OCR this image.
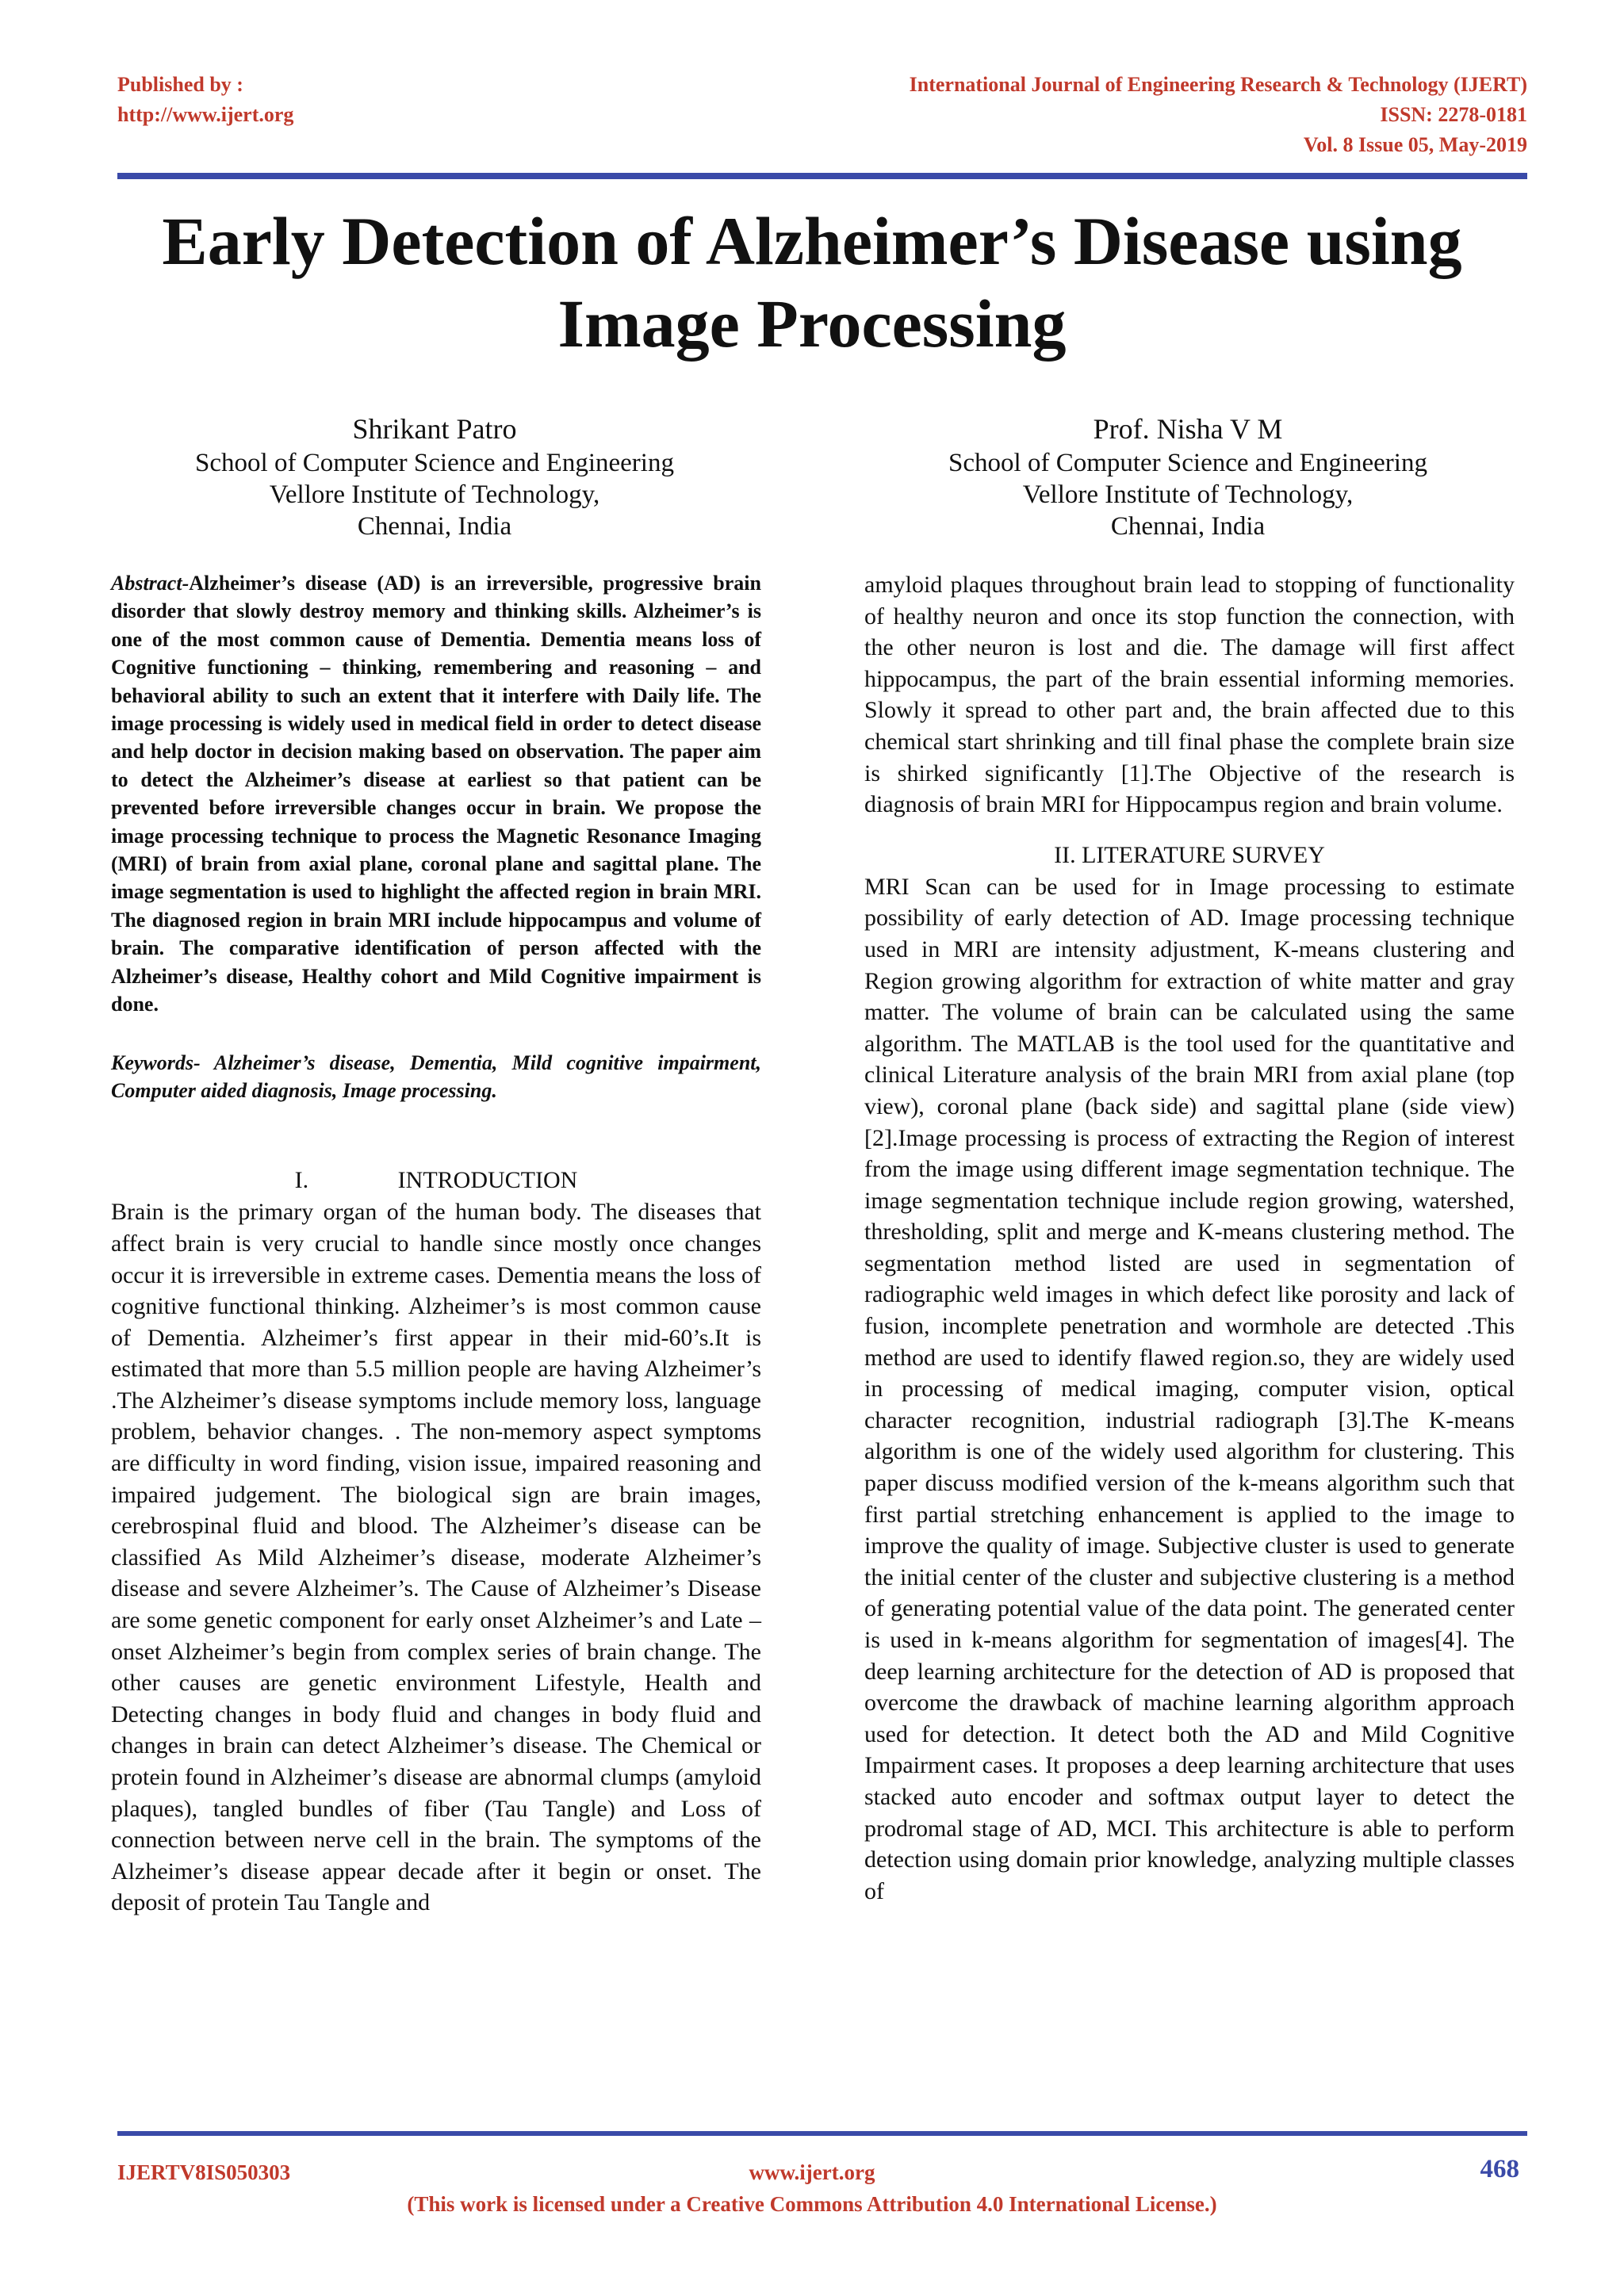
Published by :
http://www.ijert.org
International Journal of Engineering Research & Technology (IJERT)
ISSN: 2278-0181
Vol. 8 Issue 05, May-2019
Early Detection of Alzheimer’s Disease using Image Processing
Shrikant Patro
School of Computer Science and Engineering
Vellore Institute of Technology,
Chennai, India
Prof. Nisha V M
School of Computer Science and Engineering
Vellore Institute of Technology,
Chennai, India

Abstract-Alzheimer’s disease (AD) is an irreversible, progressive brain disorder that slowly destroy memory and thinking skills. Alzheimer’s is one of the most common cause of Dementia. Dementia means loss of Cognitive functioning – thinking, remembering and reasoning – and behavioral ability to such an extent that it interfere with Daily life. The image processing is widely used in medical field in order to detect disease and help doctor in decision making based on observation. The paper aim to detect the Alzheimer’s disease at earliest so that patient can be prevented before irreversible changes occur in brain. We propose the image processing technique to process the Magnetic Resonance Imaging (MRI) of brain from axial plane, coronal plane and sagittal plane. The image segmentation is used to highlight the affected region in brain MRI. The diagnosed region in brain MRI include hippocampus and volume of brain. The comparative identification of person affected with the Alzheimer’s disease, Healthy cohort and Mild Cognitive impairment is done.

Keywords- Alzheimer’s disease, Dementia, Mild cognitive impairment, Computer aided diagnosis, Image processing.

I.	INTRODUCTION

Brain is the primary organ of the human body. The diseases that affect brain is very crucial to handle since mostly once changes occur it is irreversible in extreme cases. Dementia means the loss of cognitive functional thinking. Alzheimer’s is most common cause of Dementia. Alzheimer’s first appear in their mid-60’s.It is estimated that more than 5.5 million people are having Alzheimer’s .The Alzheimer’s disease symptoms include memory loss, language problem, behavior changes. . The non-memory aspect symptoms are difficulty in word finding, vision issue, impaired reasoning and impaired judgement. The biological sign are brain images, cerebrospinal fluid and blood. The Alzheimer’s disease can be classified As Mild Alzheimer’s disease, moderate Alzheimer’s disease and severe Alzheimer’s. The Cause of Alzheimer’s Disease are some genetic component for early onset Alzheimer’s and Late – onset Alzheimer’s begin from complex series of brain change. The other causes are genetic environment Lifestyle, Health and Detecting changes in body fluid and changes in body fluid and changes in brain can detect Alzheimer’s disease. The Chemical or protein found in Alzheimer’s disease are abnormal clumps (amyloid plaques), tangled bundles of fiber (Tau Tangle) and Loss of connection between nerve cell in the brain. The symptoms of the Alzheimer’s disease appear decade after it begin or onset. The deposit of protein Tau Tangle and

amyloid plaques throughout brain lead to stopping of functionality of healthy neuron and once its stop function the connection, with the other neuron is lost and die. The damage will first affect hippocampus, the part of the brain essential informing memories. Slowly it spread to other part and, the brain affected due to this chemical start shrinking and till final phase the complete brain size is shirked significantly [1].The Objective of the research is diagnosis of brain MRI for Hippocampus region and brain volume.

II. LITERATURE SURVEY

MRI Scan can be used for in Image processing to estimate possibility of early detection of AD. Image processing technique used in MRI are intensity adjustment, K-means clustering and Region growing algorithm for extraction of white matter and gray matter. The volume of brain can be calculated using the same algorithm. The MATLAB is the tool used for the quantitative and clinical Literature analysis of the brain MRI from axial plane (top view), coronal plane (back side) and sagittal plane (side view) [2].Image processing is process of extracting the Region of interest from the image using different image segmentation technique. The image segmentation technique include region growing, watershed, thresholding, split and merge and K-means clustering method. The segmentation method listed are used in segmentation of radiographic weld images in which defect like porosity and lack of fusion, incomplete penetration and wormhole are detected .This method are used to identify flawed region.so, they are widely used in processing of medical imaging, computer vision, optical character recognition, industrial radiograph [3].The K-means algorithm is one of the widely used algorithm for clustering. This paper discuss modified version of the k-means algorithm such that first partial stretching enhancement is applied to the image to improve the quality of image. Subjective cluster is used to generate the initial center of the cluster and subjective clustering is a method of generating potential value of the data point. The generated center is used in k-means algorithm for segmentation of images[4]. The deep learning architecture for the detection of AD is proposed that overcome the drawback of machine learning algorithm approach used for detection. It detect both the AD and Mild Cognitive Impairment cases. It proposes a deep learning architecture that uses stacked auto encoder and softmax output layer to detect the prodromal stage of AD, MCI. This architecture is able to perform detection using domain prior knowledge, analyzing multiple classes of

IJERTV8IS050303	www.ijert.org	468
(This work is licensed under a Creative Commons Attribution 4.0 International License.)
